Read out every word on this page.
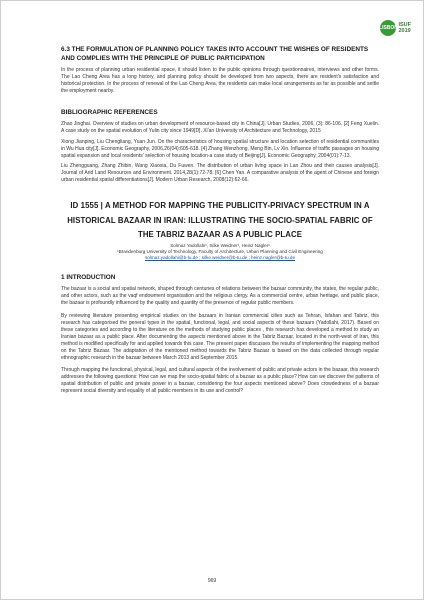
LISBON ISUF
2019
6.3 THE FORMULATION OF PLANNING POLICY TAKES INTO ACCOUNT THE WISHES OF RESIDENTS AND COMPLIES WITH THE PRINCIPLE OF PUBLIC PARTICIPATION

In the process of planning urban residential space, it should listen to the public opinions through questionnaires, interviews and other forms. The Lao Cheng Area has a long history, and planning policy should be developed from two aspects, there are resident's satisfaction and historical protection. In the process of renewal of the Lao Cheng Area, the residents can make local arrangements as far as possible and settle the employment nearby.

BIBLIOGRAPHIC REFERENCES

Zhao Jinghai. Overview of studies on urban development of resource-based city in China[J]. Urban Studies, 2006, (3): 86-106. [2] Feng Xuelin. A case study on the spatial evolution of Yulin city since 1949[D]. Xi'an University of Architecture and Technology, 2015

Xiong Jianping, Liu Chengliang, Yuan Jun. On the characteristics of housing spatial structure and location selection of residential communities in Wu Hua city[J]. Economic Geography, 2006,26(04):605-618. [4] Zhang Wenzhong, Meng Bin, Lv Xin. Influence of traffic passages on housing spatial expansion and local residents' selection of housing location-a case study of Beijing[J]. Economic Geography, 2004(01):7-13.

Liu Zhengguang, Zhang Zhibin, Wang Xiaoxia, Du Fuwen. The distribution of urban living space in Lan Zhou and their causes analysis[J]. Journal of Arid Land Resources and Environment. 2014,28(1):72-78. [6] Chen Yan. A comparative analysis of the agent of Chinese and foreign urban residential spatial differentiations[J]. Modern Urban Research, 2008(12):62-66.

ID 1555 | A METHOD FOR MAPPING THE PUBLICITY-PRIVACY SPECTRUM IN A HISTORICAL BAZAAR IN IRAN: ILLUSTRATING THE SOCIO-SPATIAL FABRIC OF THE TABRIZ BAZAAR AS A PUBLIC PLACE

Solmaz Yadollahi¹, Silke Weidner¹, Heinz Nagler¹

¹Brandenburg University of Technology, Faculty of Architecture, Urban Planning and Civil Engineering

solmaz.yadollahi@b-tu.de ; silke.weidner@b-tu.de ; heinz.nagler@b-tu.de

1 INTRODUCTION

The bazaar is a social and spatial network, shaped through centuries of relations between the bazaar community, the states, the regular public, and other actors, such as the vaqf endowment organisation and the religious clergy. As a commercial centre, urban heritage, and public place, the bazaar is profoundly influenced by the quality and quantity of the presence of regular public members.

By reviewing literature presenting empirical studies on the bazaars in Iranian commercial cities such as Tehran, Isfahan and Tabriz, this research has categorised the general types in the spatial, functional, legal, and social aspects of these bazaars (Yadollahi, 2017). Based on these categories and according to the literature on the methods of studying public places , this research has developed a method to study an Iranian bazaar as a public place. After documenting the aspects mentioned above in the Tabriz Bazaar, located in the north-west of Iran, this method is modified specifically for and applied towards this case. The present paper discusses the results of implementing the mapping method on the Tabriz Bazaar. The adaptation of the mentioned method towards the Tabriz Bazaar is based on the data collected through regular ethnographic research in the bazaar between March 2013 and September 2015.

Through mapping the functional, physical, legal, and cultural aspects of the involvement of public and private actors in the bazaar, this research addresses the following questions: How can we map the socio-spatial fabric of a bazaar as a public place? How can we discover the patterns of spatial distribution of public and private power in a bazaar, considering the four aspects mentioned above? Does crowdedness of a bazaar represent social diversity and equality of all public members in its use and control?

969
